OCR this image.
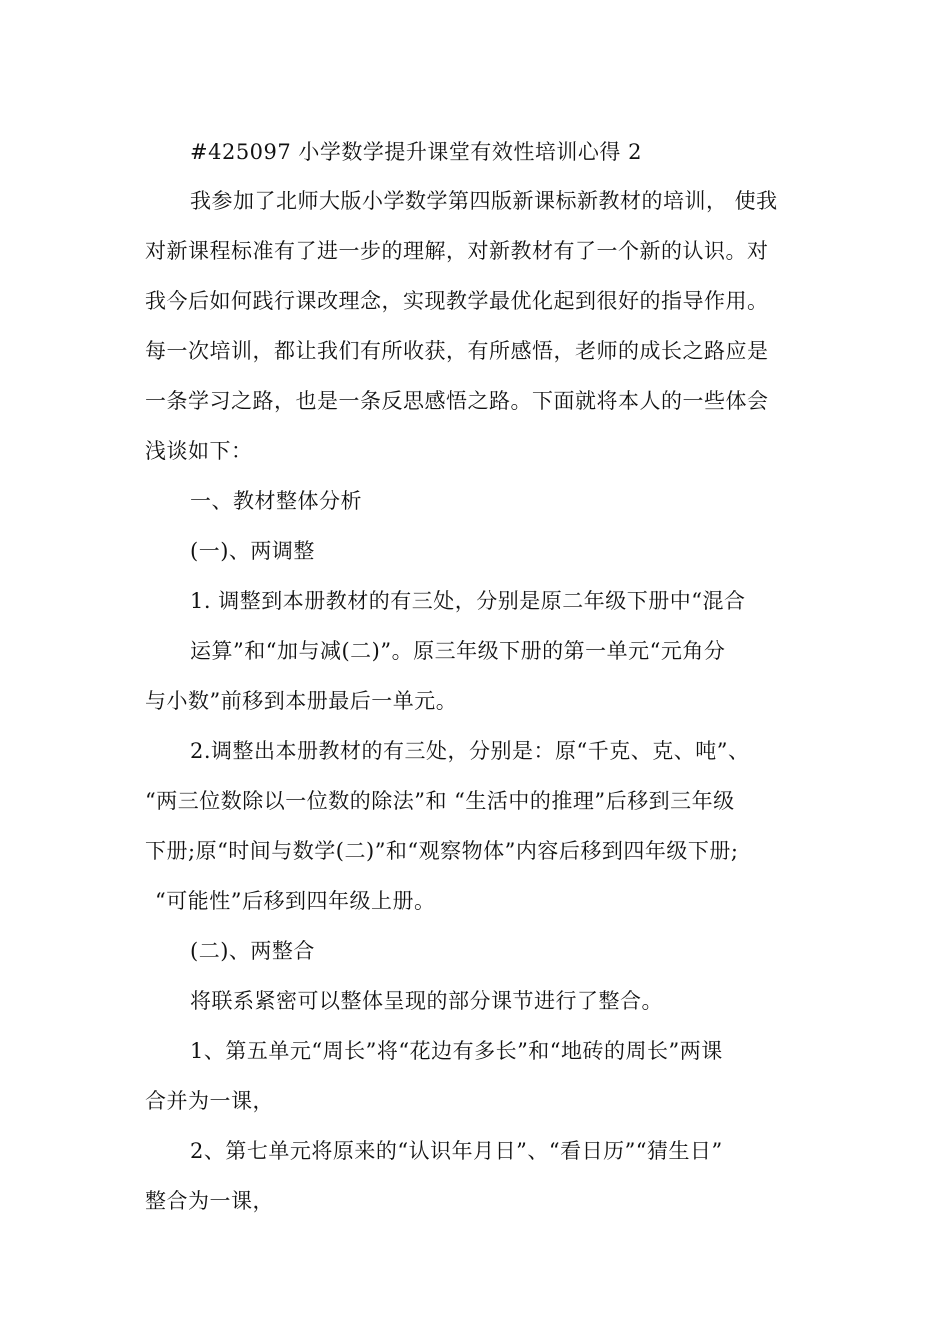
#425097 小学数学提升课堂有效性培训心得 2
我参加了北师大版小学数学第四版新课标新教材的培训， 使我
对新课程标准有了进一步的理解，对新教材有了一个新的认识。对
我今后如何践行课改理念，实现教学最优化起到很好的指导作用。
每一次培训，都让我们有所收获，有所感悟，老师的成长之路应是
一条学习之路，也是一条反思感悟之路。下面就将本人的一些体会
浅谈如下：
一、教材整体分析
(一)、两调整
1. 调整到本册教材的有三处，分别是原二年级下册中“混合
运算”和“加与减(二)”。原三年级下册的第一单元“元角分
与小数”前移到本册最后一单元。
2.调整出本册教材的有三处，分别是：原“千克、克、吨”、
“两三位数除以一位数的除法”和 “生活中的推理”后移到三年级
下册;原“时间与数学(二)”和“观察物体”内容后移到四年级下册;
“可能性”后移到四年级上册。
(二)、两整合
将联系紧密可以整体呈现的部分课节进行了整合。
1、第五单元“周长”将“花边有多长”和“地砖的周长”两课
合并为一课，
2、第七单元将原来的“认识年月日”、“看日历”“猜生日”
整合为一课，
